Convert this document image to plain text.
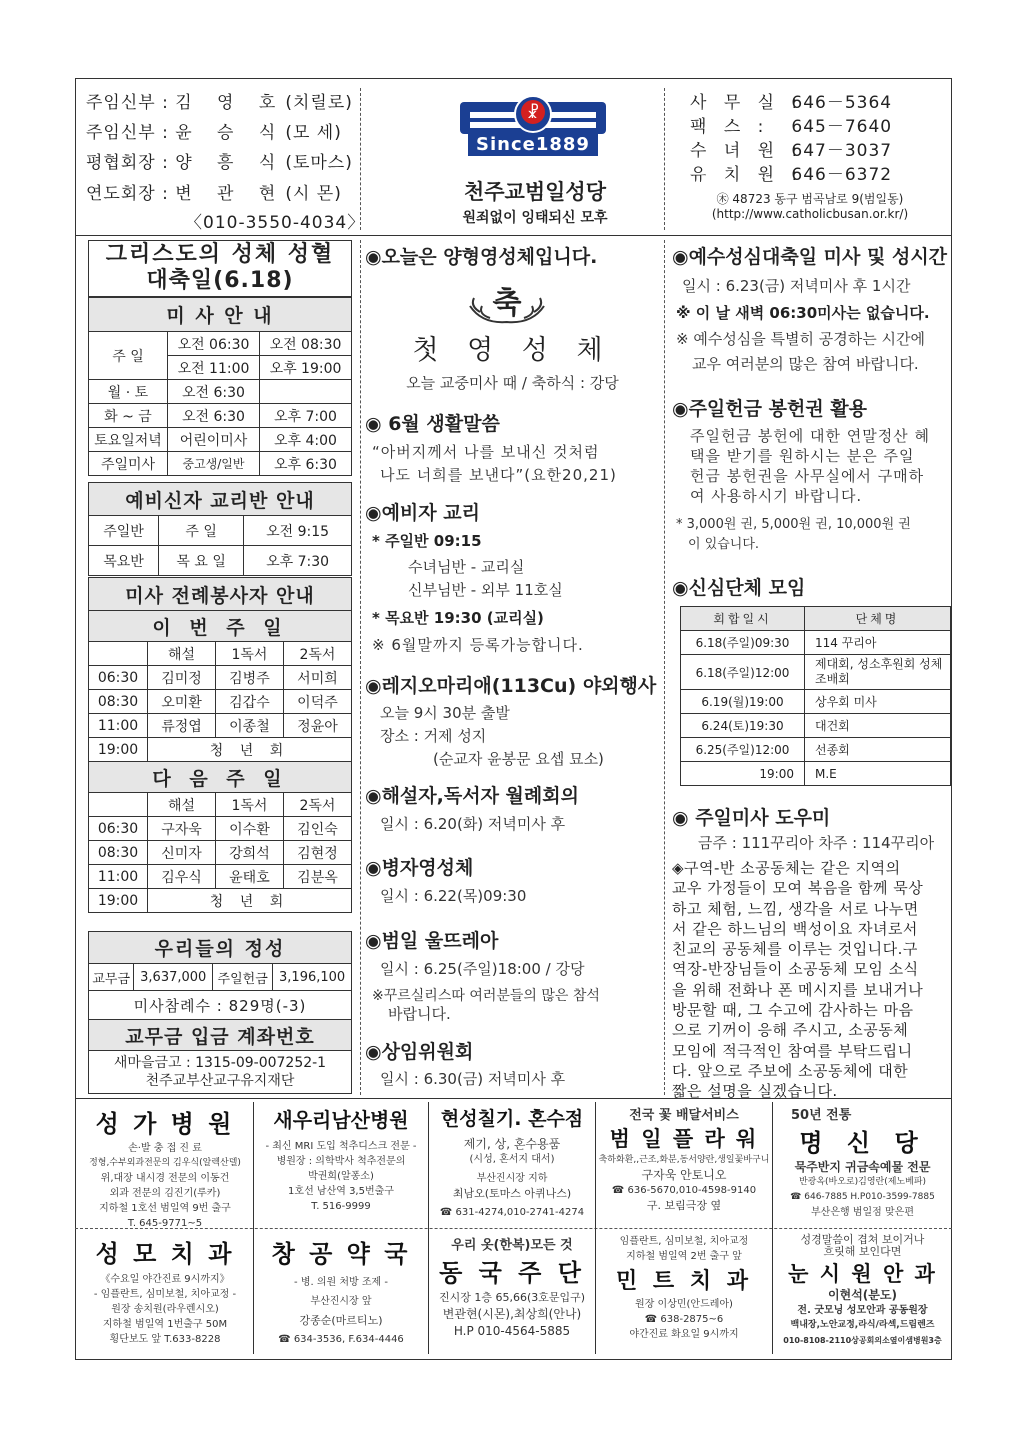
주임신부 : 김 영 호(치릴로)
주임신부 : 윤 승 식(모 세)
평협회장 : 양 흥 식(토마스)
연도회장 : 변 관 현(시 몬)
〈010-3550-4034〉
☧
Since1889
천주교범일성당
원죄없이 잉태되신 모후
사 무 실 : 646－5364
팩 스 : 645－7640
수 녀 원 : 647－3037
유 치 원 : 646－6372
㊍ 48723 동구 범곡남로 9(범일동)
(http://www.catholicbusan.or.kr/)
그리스도의 성체 성혈
대축일(6.18)
미 사 안 내		
주 일	오전 06:30	오전 08:30
	오전 11:00	오후 19:00
월 · 토	오전 6:30	
화 ~ 금	오전 6:30	오후 7:00
토요일저녁	어린이미사	오후 4:00
주일미사	중고생/일반	오후 6:30
예비신자 교리반 안내		
주일반	주 일	오전 9:15
목요반	목 요 일	오후 7:30
미사 전례봉사자 안내			
이 번 주 일			
	해설	1독서	2독서
06:30	김미정	김병주	서미희
08:30	오미환	김갑수	이덕주
11:00	류정엽	이종철	정윤아
19:00	청 년 회		
다 음 주 일			
	해설	1독서	2독서
06:30	구자욱	이수환	김인숙
08:30	신미자	강희석	김현정
11:00	김우식	윤태호	김분옥
19:00	청 년 회		
우리들의 정성
교무금	3,637,000	주일헌금	3,196,100
미사참례수 : 829명(-3)
교무금 입금 계좌번호

새마을금고 : 1315-09-007252-1
천주교부산교구유지재단
◉오늘은 양형영성체입니다.
축
첫 영 성 체
오늘 교중미사 때 / 축하식 : 강당
◉ 6월 생활말씀
“아버지께서 나를 보내신 것처럼
나도 너희를 보낸다”(요한20,21)
◉예비자 교리
* 주일반 09:15
수녀님반 - 교리실
신부님반 - 외부 11호실
* 목요반 19:30 (교리실)
※ 6월말까지 등록가능합니다.
◉레지오마리애(113Cu) 야외행사
오늘 9시 30분 출발
장소 : 거제 성지
(순교자 윤봉문 요셉 묘소)
◉해설자,독서자 월례회의
일시 : 6.20(화) 저녁미사 후
◉병자영성체
일시 : 6.22(목)09:30
◉범일 울뜨레아
일시 : 6.25(주일)18:00 / 강당
※꾸르실리스따 여러분들의 많은 참석
바랍니다.
◉상임위원회
일시 : 6.30(금) 저녁미사 후
◉예수성심대축일 미사 및 성시간
일시 : 6.23(금) 저녁미사 후 1시간
※ 이 날 새벽 06:30미사는 없습니다.
※ 예수성심을 특별히 공경하는 시간에
교우 여러분의 많은 참여 바랍니다.
◉주일헌금 봉헌권 활용
주일헌금 봉헌에 대한 연말정산 혜
택을 받기를 원하시는 분은 주일
헌금 봉헌권을 사무실에서 구매하
여 사용하시기 바랍니다.
* 3,000원 권, 5,000원 권, 10,000원 권
이 있습니다.
◉신심단체 모임
회합일시	단체명
6.18(주일)09:30	114 꾸리아
6.18(주일)12:00	제대회, 성소후원회 성체조배회
6.19(월)19:00	상우회 미사
6.24(토)19:30	대건회
6.25(주일)12:00	선종회
19:00	M.E
◉ 주일미사 도우미
금주 : 111꾸리아 차주 : 114꾸리아
◈구역-반 소공동체는 같은 지역의
교우 가정들이 모여 복음을 함께 묵상
하고 체험, 느낌, 생각을 서로 나누면
서 같은 하느님의 백성이요 자녀로서
친교의 공동체를 이루는 것입니다.구
역장-반장님들이 소공동체 모임 소식
을 위해 전화나 폰 메시지를 보내거나
방문할 때, 그 수고에 감사하는 마음
으로 기꺼이 응해 주시고, 소공동체
모임에 적극적인 참여를 부탁드립니
다. 앞으로 주보에 소공동체에 대한
짧은 설명을 실겠습니다.
성 가 병 원
손·발 충 접 진 료
정형,수부외과전문의 김우식(알렉산델)
위,대장 내시경 전문의 이동건
외과 전문의 김진기(루카)
지하철 1호선 범일역 9번 출구
T. 645-9771~5
새우리남산병원
- 최신 MRI 도입 척추디스크 전문 -
병원장 : 의학박사 척추전문의
박권희(알퐁소)
1호선 남산역 3,5번출구
T. 516-9999
현성칠기. 혼수점
제기, 상, 혼수용품
(시성, 혼서지 대서)
부산진시장 지하
최남오(토마스 아퀴나스)
☎ 631-4274,010-2741-4274
전국 꽃 배달서비스
범 일 플 라 워
축하화환,,근조,화분,동서양란,생일꽃바구니
구자욱 안토니오
☎ 636-5670,010-4598-9140
구. 보림극장 옆
50년 전통
명 신 당
묵주반지 귀금속예물 전문
반광옥(바오로)김영란(제노베파)
☎ 646-7885 H.P010-3599-7885
부산은행 범일점 맞은편
성 모 치 과
《수요일 야간진료 9시까지》
- 임플란트, 심미보철, 치아교정 -
원장 송치원(라우렌시오)
지하철 범일역 1번출구 50M
횡단보도 앞 T.633-8228
창 공 약 국
- 병. 의원 처방 조제 -
부산진시장 앞
강종순(마르티노)
☎ 634-3536, F.634-4446
우리 옷(한복)모든 것
동 국 주 단
진시장 1층 65,66(3호문입구)
변관현(시몬),최상희(안나)
H.P 010-4564-5885
임플란트, 심미보철, 치아교정
지하철 범일역 2번 출구 앞
민 트 치 과
원장 이상민(안드레아)
☎ 638-2875~6
야간진료 화요일 9시까지
성경말씀이 겹쳐 보이거나
흐릿해 보인다면
눈 시 원 안 과
이현석(분도)
전. 굿모닝 성모안과 공동원장
백내장,노안교정,라식/라섹,드림렌즈
010-8108-2110상공회의소옆이샘병원3층
